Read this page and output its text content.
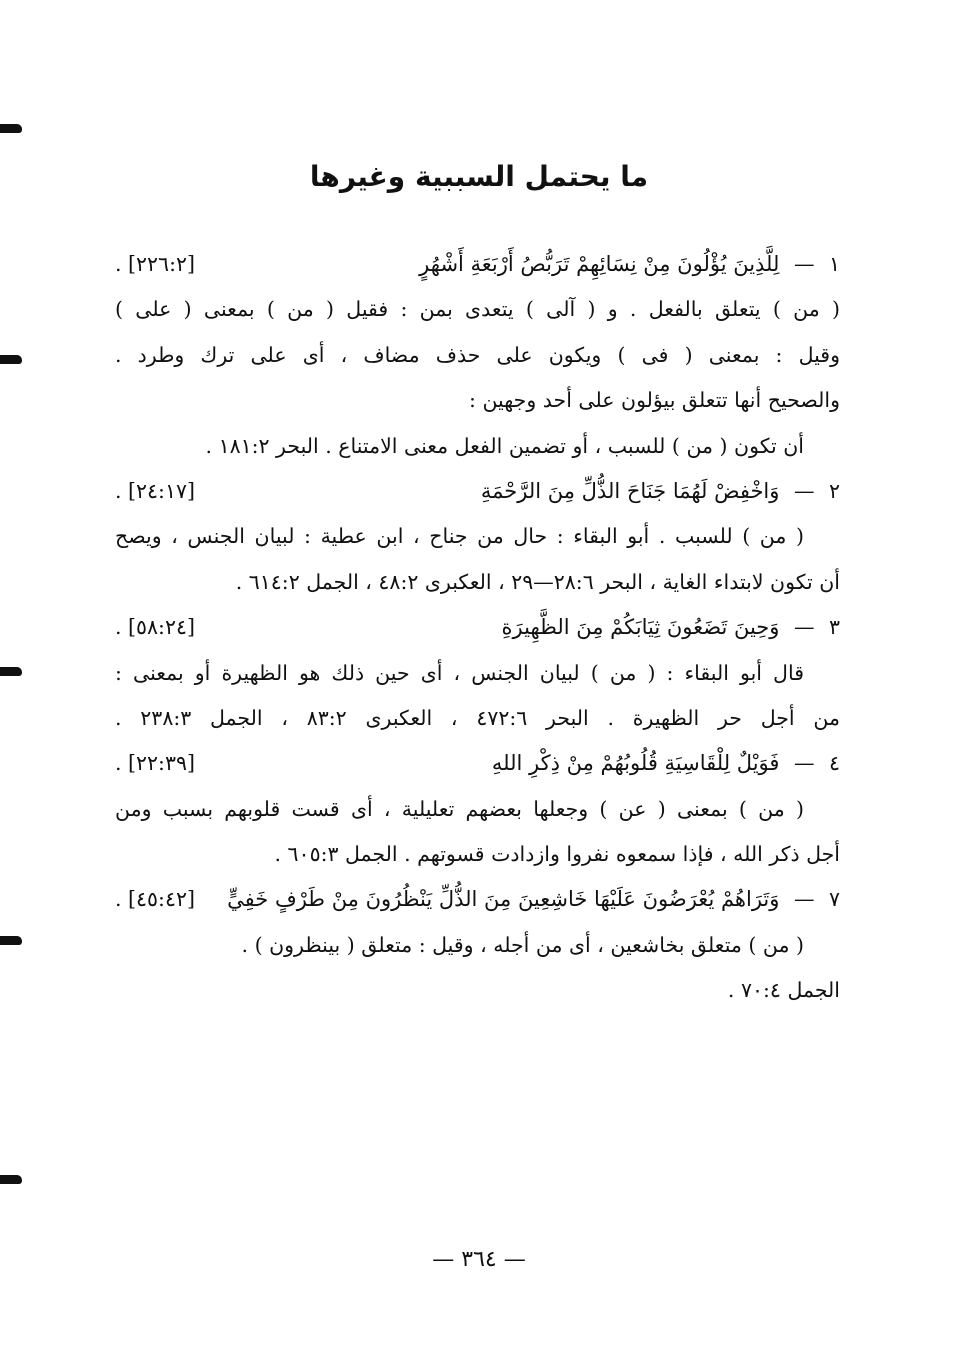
ما يحتمل السببية وغيرها
١ — لِلَّذِينَ يُؤْلُونَ مِنْ نِسَائِهِمْ تَرَبُّصُ أَرْبَعَةِ أَشْهُرٍ
[٢٢٦:٢] .
( من ) يتعلق بالفعل . و ( آلى ) يتعدى بمن : فقيل ( من ) بمعنى ( على )
وقيل : بمعنى ( فى ) ويكون على حذف مضاف ، أى على ترك وطرد .
والصحيح أنها تتعلق بيؤلون على أحد وجهين :
أن تكون ( من ) للسبب ، أو تضمين الفعل معنى الامتناع . البحر ١٨١:٢ .
٢ — وَاخْفِضْ لَهُمَا جَنَاحَ الذُّلِّ مِنَ الرَّحْمَةِ
[٢٤:١٧] .
( من ) للسبب . أبو البقاء : حال من جناح ، ابن عطية : لبيان الجنس ، ويصح
أن تكون لابتداء الغاية ، البحر ٢٨:٦—٢٩ ، العكبرى ٤٨:٢ ، الجمل ٦١٤:٢ .
٣ — وَحِينَ تَضَعُونَ ثِيَابَكُمْ مِنَ الظَّهِيرَةِ
[٥٨:٢٤] .
قال أبو البقاء : ( من ) لبيان الجنس ، أى حين ذلك هو الظهيرة أو بمعنى :
من أجل حر الظهيرة . البحر ٤٧٢:٦ ، العكبرى ٨٣:٢ ، الجمل ٢٣٨:٣ .
٤ — فَوَيْلٌ لِلْقَاسِيَةِ قُلُوبُهُمْ مِنْ ذِكْرِ اللهِ
[٢٢:٣٩] .
( من ) بمعنى ( عن ) وجعلها بعضهم تعليلية ، أى قست قلوبهم بسبب ومن
أجل ذكر الله ، فإذا سمعوه نفروا وازدادت قسوتهم . الجمل ٦٠٥:٣ .
٧ — وَتَرَاهُمْ يُعْرَضُونَ عَلَيْهَا خَاشِعِينَ مِنَ الذُّلِّ يَنْظُرُونَ مِنْ طَرْفٍ خَفِيٍّ
[٤٥:٤٢] .
( من ) متعلق بخاشعين ، أى من أجله ، وقيل : متعلق ( بينظرون ) .
الجمل ٧٠:٤ .
— ٣٦٤ —
